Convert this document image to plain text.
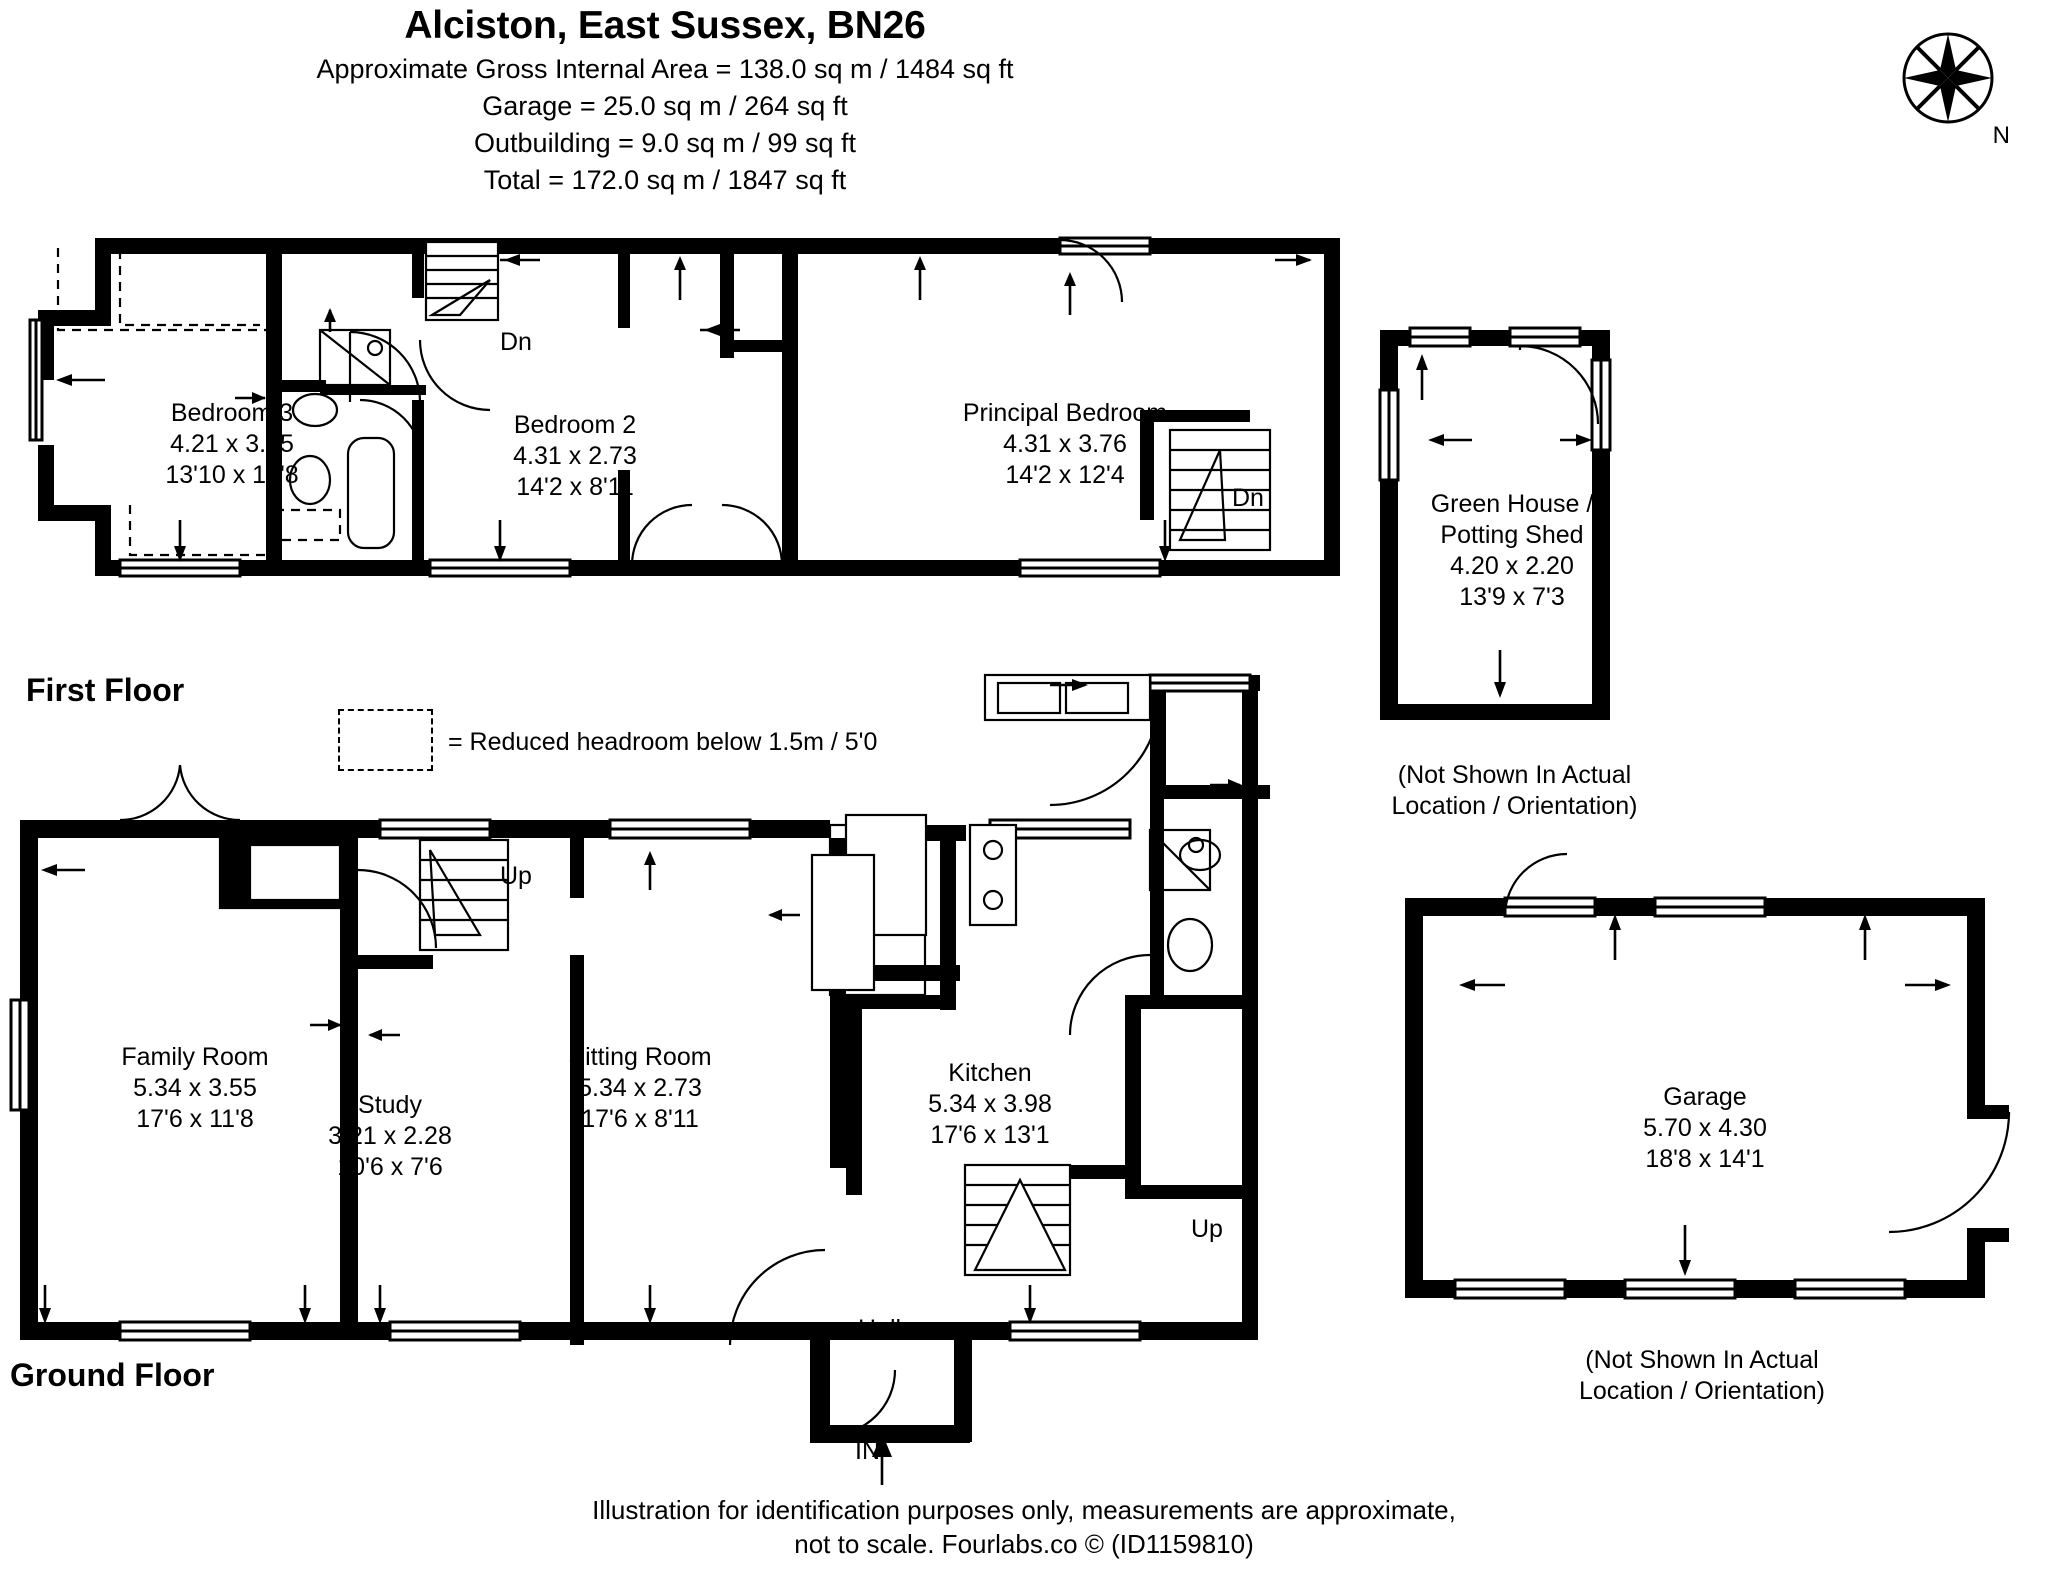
Alciston, East Sussex, BN26
Approximate Gross Internal Area = 138.0 sq m / 1484 sq ft
Garage = 25.0 sq m / 264 sq ft
Outbuilding = 9.0 sq m / 99 sq ft
Total = 172.0 sq m / 1847 sq ft
N
Bedroom 3
4.21 x 3.25
13'10 x 10'8
Bedroom 2
4.31 x 2.73
14'2 x 8'11
Principal Bedroom
4.31 x 3.76
14'2 x 12'4
Dn
Dn
First Floor
= Reduced headroom below 1.5m / 5'0
Up
Up
Family Room
5.34 x 3.55
17'6 x 11'8	Study
3.21 x 2.28
10'6 x 7'6
Sitting Room
5.34 x 2.73
17'6 x 8'11
Kitchen
5.34 x 3.98
17'6 x 13'1
Hall
IN
Ground Floor
Green House /
Potting Shed
4.20 x 2.20
13'9 x 7'3
(Not Shown In Actual
Location / Orientation)
Garage
5.70 x 4.30
18'8 x 14'1
(Not Shown In Actual
Location / Orientation)
Illustration for identification purposes only, measurements are approximate,
not to scale. Fourlabs.co © (ID1159810)
